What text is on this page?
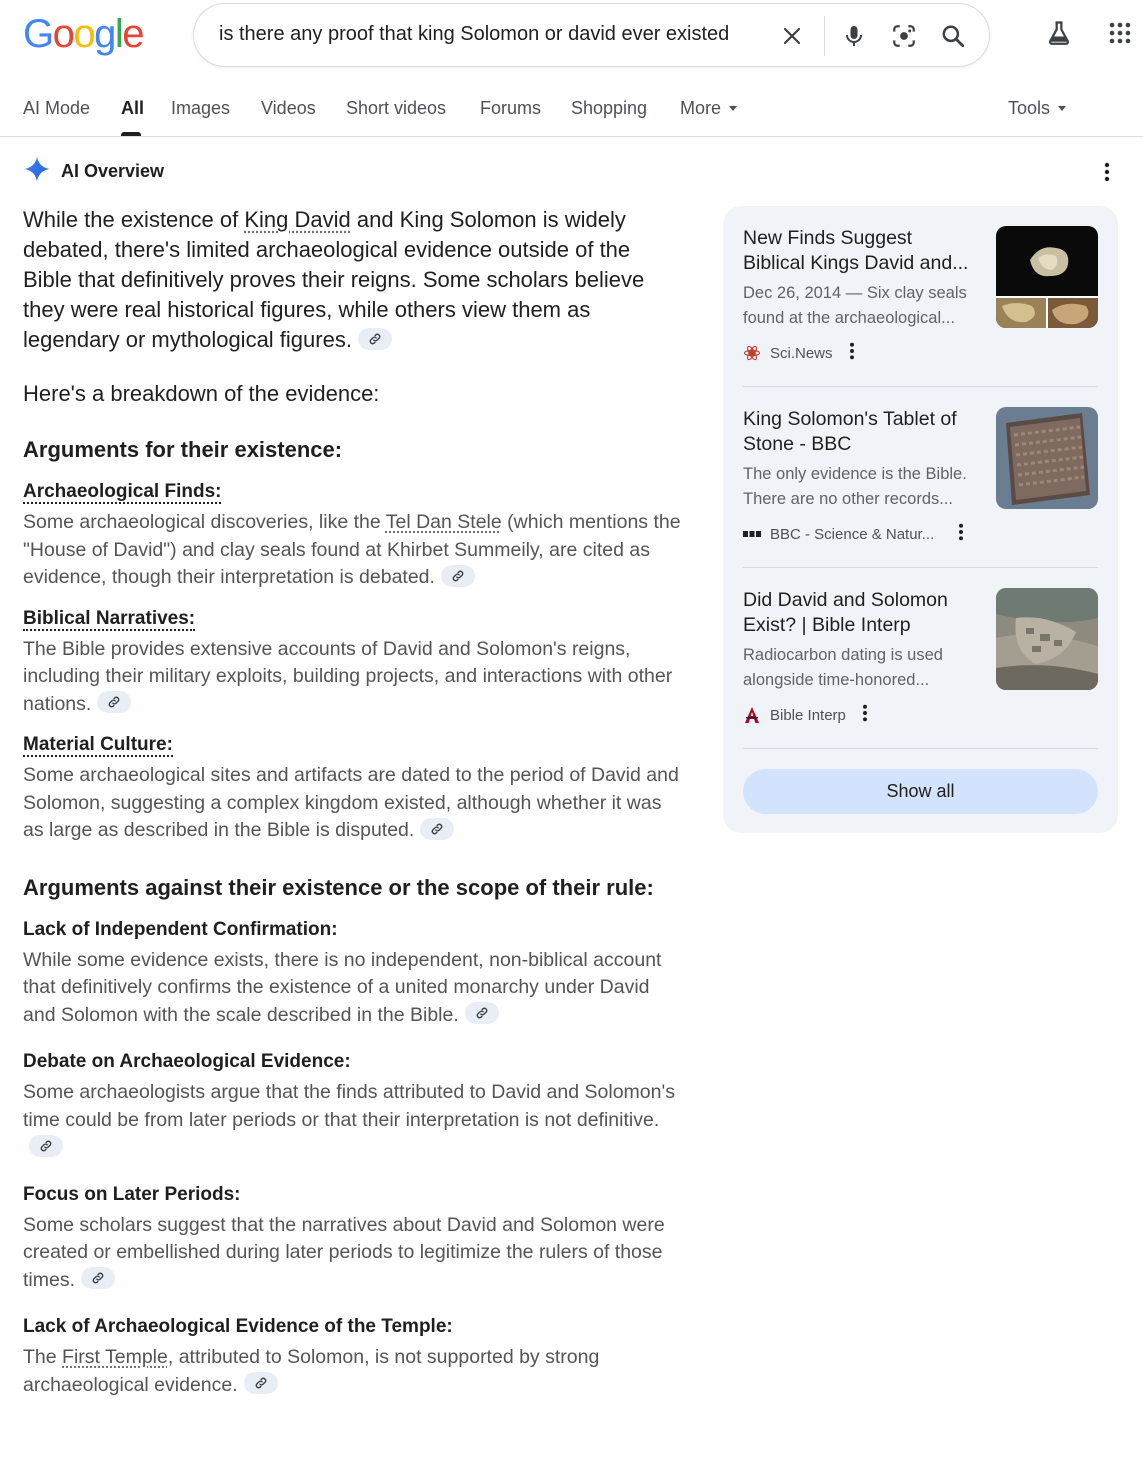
Google	is there any proof that king Solomon or david ever existed
AI Mode All Images Videos Short videos Forums Shopping More	Tools
AI Overview

While the existence of King David and King Solomon is widely debated, there's limited archaeological evidence outside of the Bible that definitively proves their reigns. Some scholars believe they were real historical figures, while others view them as legendary or mythological figures.

Here's a breakdown of the evidence:

Arguments for their existence:
Archaeological Finds:

Some archaeological discoveries, like the Tel Dan Stele (which mentions the "House of David") and clay seals found at Khirbet Summeily, are cited as evidence, though their interpretation is debated.

Biblical Narratives:

The Bible provides extensive accounts of David and Solomon's reigns, including their military exploits, building projects, and interactions with other nations.

Material Culture:

Some archaeological sites and artifacts are dated to the period of David and Solomon, suggesting a complex kingdom existed, although whether it was as large as described in the Bible is disputed.

Arguments against their existence or the scope of their rule:
Lack of Independent Confirmation:

While some evidence exists, there is no independent, non-biblical account that definitively confirms the existence of a united monarchy under David and Solomon with the scale described in the Bible.

Debate on Archaeological Evidence:

Some archaeologists argue that the finds attributed to David and Solomon's time could be from later periods or that their interpretation is not definitive.

Focus on Later Periods:

Some scholars suggest that the narratives about David and Solomon were created or embellished during later periods to legitimize the rulers of those times.

Lack of Archaeological Evidence of the Temple:

The First Temple, attributed to Solomon, is not supported by strong archaeological evidence.

New Finds Suggest Biblical Kings David and...
Dec 26, 2014 — Six clay seals found at the archaeological...
Sci.News
King Solomon's Tablet of Stone - BBC
The only evidence is the Bible. There are no other records...
BBC - Science & Natur...
Did David and Solomon Exist? | Bible Interp
Radiocarbon dating is used alongside time-honored...
Bible Interp
Show all
